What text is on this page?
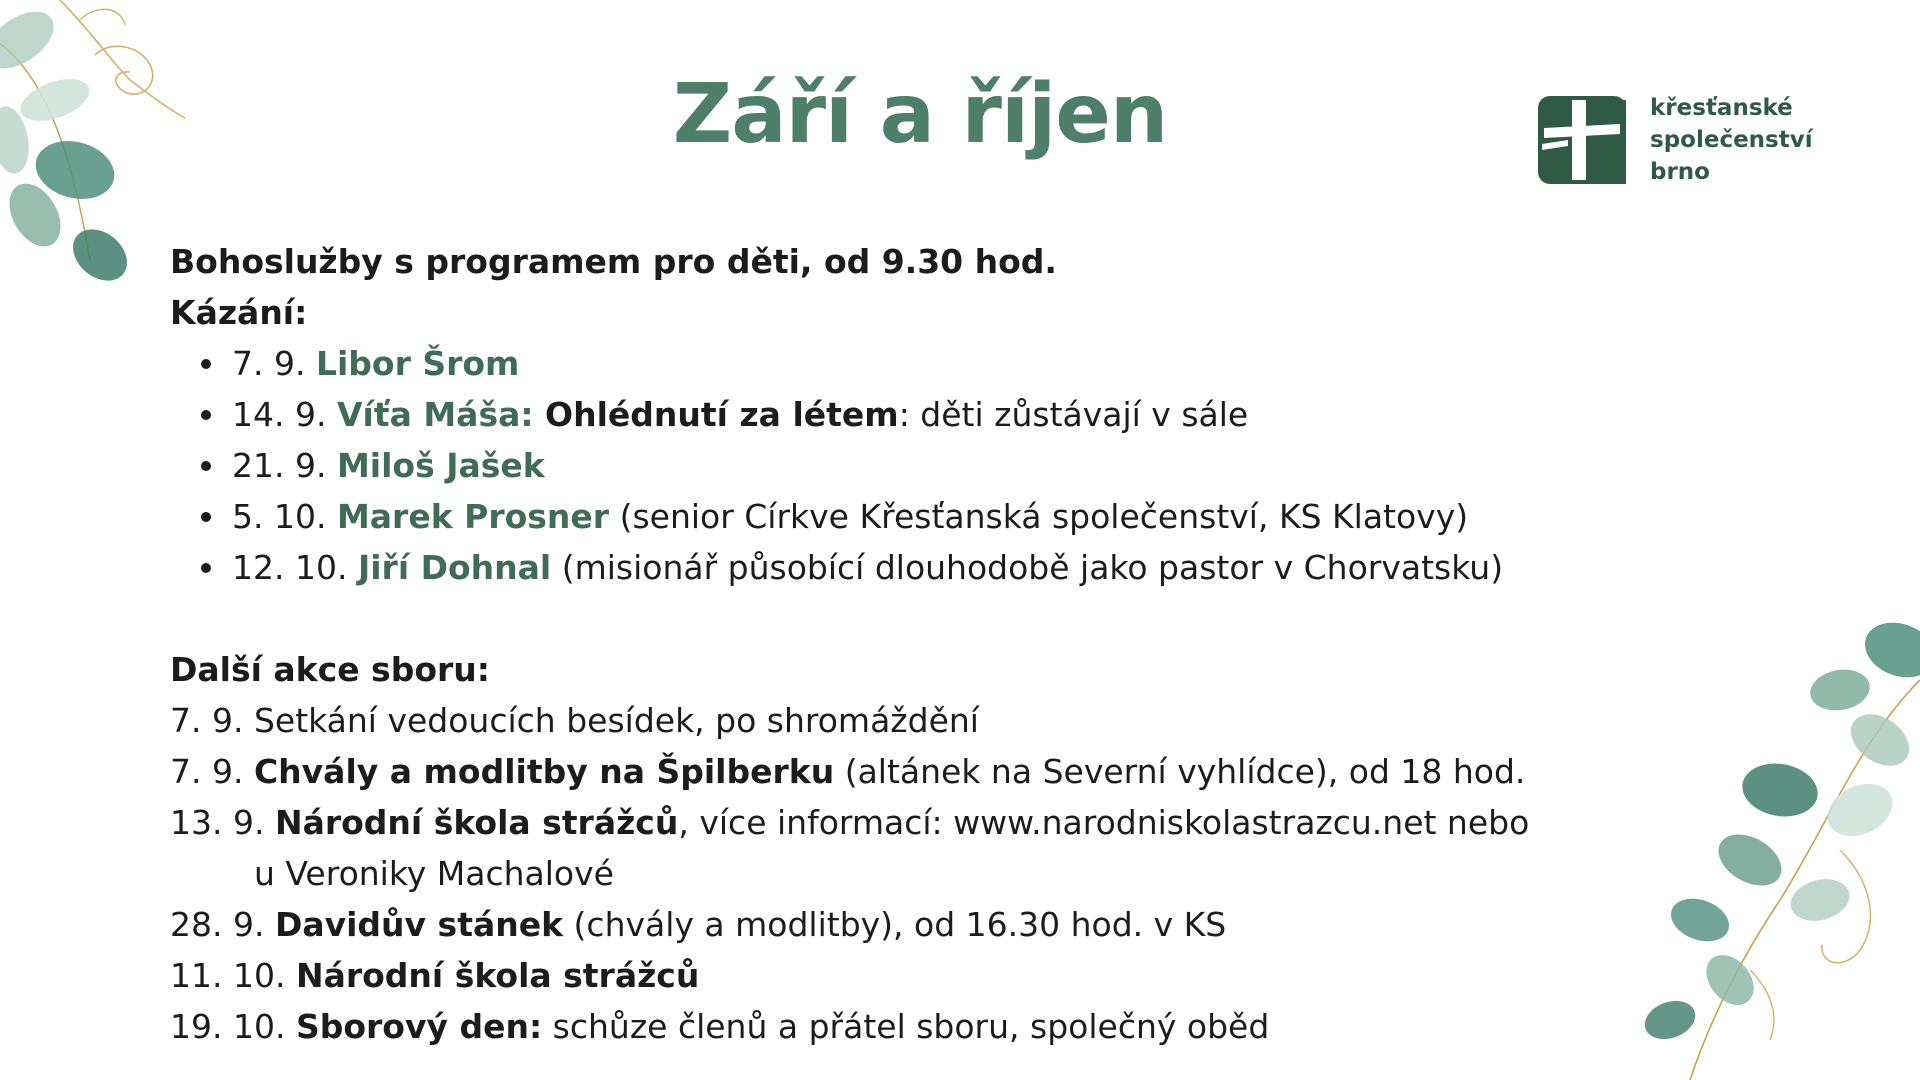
Září a říjen	křesťanské
společenství
brno
Bohoslužby s programem pro děti, od 9.30 hod.
Kázání:
7. 9. Libor Šrom
14. 9. Víťa Máša: Ohlédnutí za létem: děti zůstávají v sále
21. 9. Miloš Jašek
5. 10. Marek Prosner (senior Církve Křesťanská společenství, KS Klatovy)
12. 10. Jiří Dohnal (misionář působící dlouhodobě jako pastor v Chorvatsku)
Další akce sboru:
7. 9. Setkání vedoucích besídek, po shromáždění
7. 9. Chvály a modlitby na Špilberku (altánek na Severní vyhlídce), od 18 hod.
13. 9. Národní škola strážců, více informací: www.narodniskolastrazcu.net nebo
u Veroniky Machalové
28. 9. Davidův stánek (chvály a modlitby), od 16.30 hod. v KS
11. 10. Národní škola strážců
19. 10. Sborový den: schůze členů a přátel sboru, společný oběd
